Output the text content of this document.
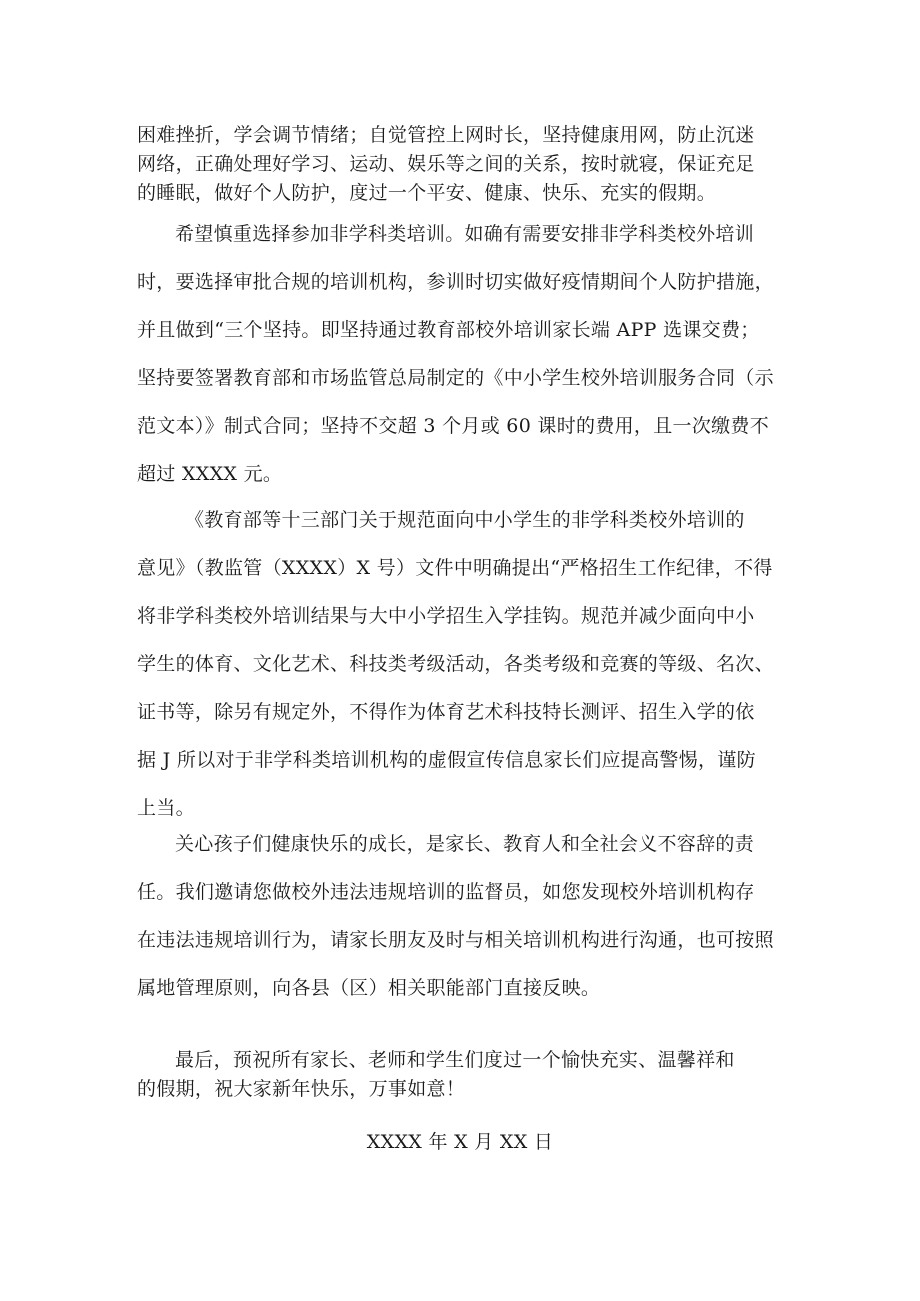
困难挫折，学会调节情绪；自觉管控上网时长，坚持健康用网，防止沉迷
网络，正确处理好学习、运动、娱乐等之间的关系，按时就寝，保证充足
的睡眠，做好个人防护，度过一个平安、健康、快乐、充实的假期。
希望慎重选择参加非学科类培训。如确有需要安排非学科类校外培训
时，要选择审批合规的培训机构，参训时切实做好疫情期间个人防护措施，
并且做到“三个坚持。即坚持通过教育部校外培训家长端 APP 选课交费；
坚持要签署教育部和市场监管总局制定的《中小学生校外培训服务合同（示
范文本）》制式合同；坚持不交超 3 个月或 60 课时的费用，且一次缴费不
超过 XXXX 元。
《教育部等十三部门关于规范面向中小学生的非学科类校外培训的
意见》（教监管（XXXX）X 号）文件中明确提出“严格招生工作纪律，不得
将非学科类校外培训结果与大中小学招生入学挂钩。规范并减少面向中小
学生的体育、文化艺术、科技类考级活动，各类考级和竞赛的等级、名次、
证书等，除另有规定外，不得作为体育艺术科技特长测评、招生入学的依
据 J 所以对于非学科类培训机构的虚假宣传信息家长们应提高警惕，谨防
上当。
关心孩子们健康快乐的成长，是家长、教育人和全社会义不容辞的责
任。我们邀请您做校外违法违规培训的监督员，如您发现校外培训机构存
在违法违规培训行为，请家长朋友及时与相关培训机构进行沟通，也可按照
属地管理原则，向各县（区）相关职能部门直接反映。
最后，预祝所有家长、老师和学生们度过一个愉快充实、温馨祥和
的假期，祝大家新年快乐，万事如意！
XXXX 年 X 月 XX 日
